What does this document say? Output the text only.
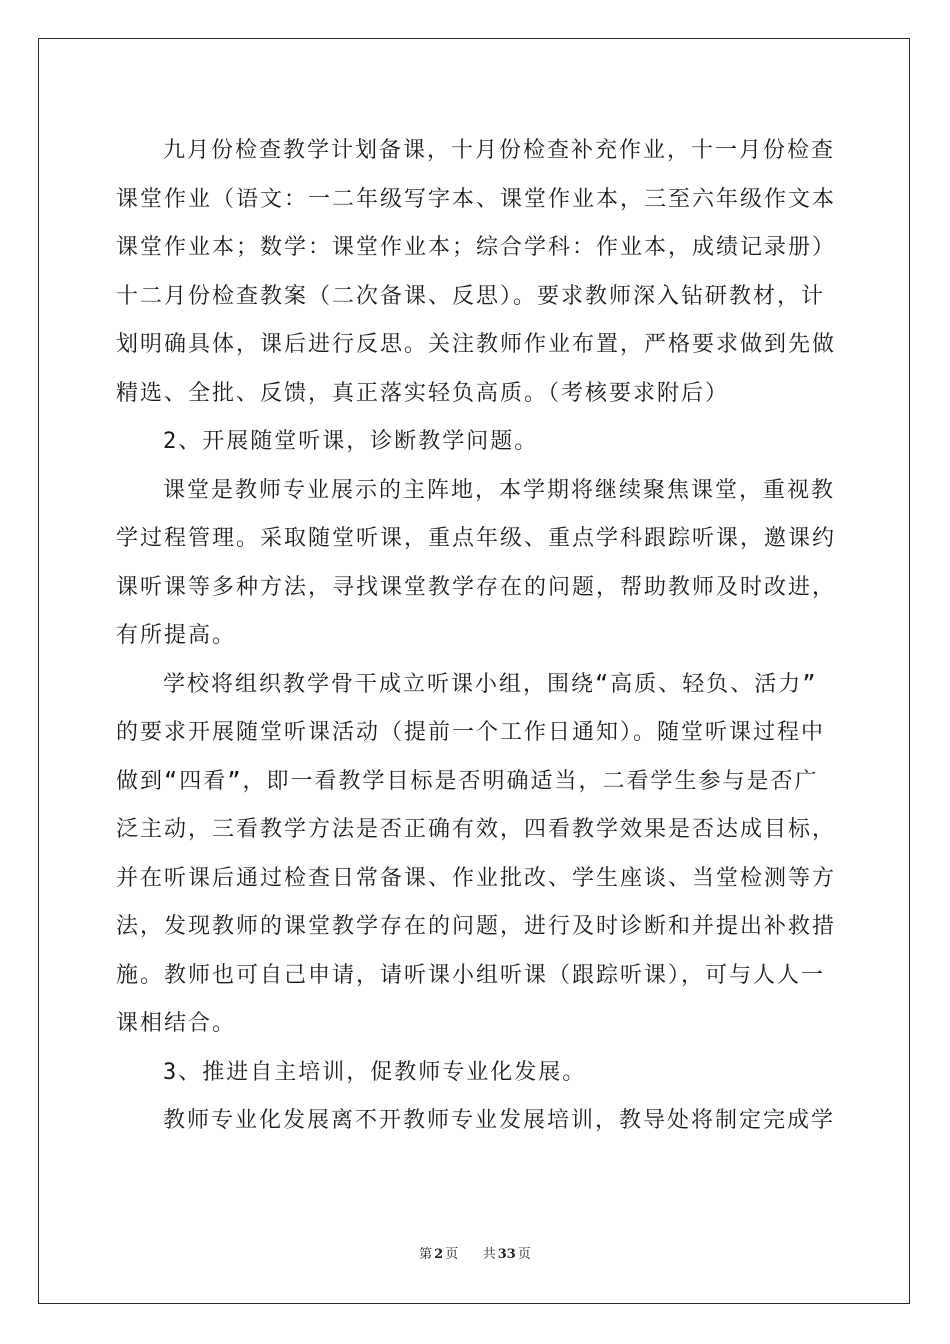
九月份检查教学计划备课，十月份检查补充作业，十一月份检查
课堂作业（语文：一二年级写字本、课堂作业本，三至六年级作文本
课堂作业本；数学：课堂作业本；综合学科：作业本，成绩记录册）
十二月份检查教案（二次备课、反思）。要求教师深入钻研教材，计
划明确具体，课后进行反思。关注教师作业布置，严格要求做到先做
精选、全批、反馈，真正落实轻负高质。（考核要求附后）
2、开展随堂听课，诊断教学问题。
课堂是教师专业展示的主阵地，本学期将继续聚焦课堂，重视教
学过程管理。采取随堂听课，重点年级、重点学科跟踪听课，邀课约
课听课等多种方法，寻找课堂教学存在的问题，帮助教师及时改进，
有所提高。
学校将组织教学骨干成立听课小组，围绕“高质、轻负、活力”
的要求开展随堂听课活动（提前一个工作日通知）。随堂听课过程中
做到“四看”，即一看教学目标是否明确适当，二看学生参与是否广
泛主动，三看教学方法是否正确有效，四看教学效果是否达成目标，
并在听课后通过检查日常备课、作业批改、学生座谈、当堂检测等方
法，发现教师的课堂教学存在的问题，进行及时诊断和并提出补救措
施。教师也可自己申请，请听课小组听课（跟踪听课），可与人人一
课相结合。
3、推进自主培训，促教师专业化发展。
教师专业化发展离不开教师专业发展培训，教导处将制定完成学
第 2 页 共 33 页
